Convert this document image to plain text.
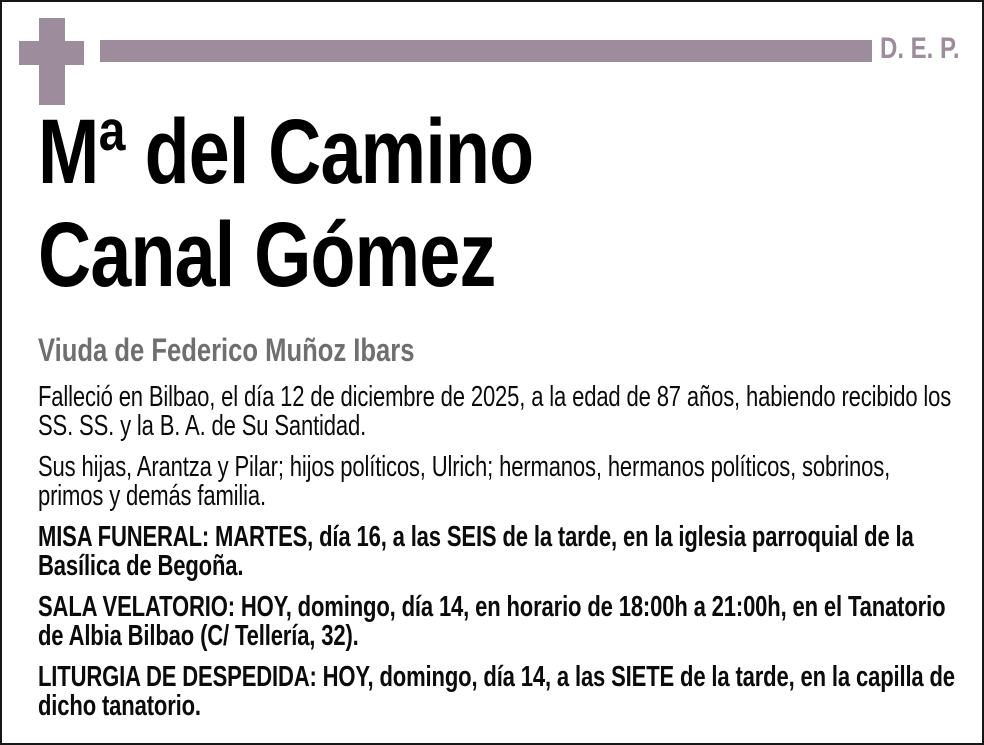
D. E. P.
Mª del Camino
Canal Gómez
Viuda de Federico Muñoz Ibars

Falleció en Bilbao, el día 12 de diciembre de 2025, a la edad de 87 años, habiendo recibido los SS. SS. y la B. A. de Su Santidad.

Sus hijas, Arantza y Pilar; hijos políticos, Ulrich; hermanos, hermanos políticos, sobrinos, primos y demás familia.

MISA FUNERAL: MARTES, día 16, a las SEIS de la tarde, en la iglesia parroquial de la Basílica de Begoña.

SALA VELATORIO: HOY, domingo, día 14, en horario de 18:00h a 21:00h, en el Tanatorio de Albia Bilbao (C/ Tellería, 32).

LITURGIA DE DESPEDIDA: HOY, domingo, día 14, a las SIETE de la tarde, en la capilla de dicho tanatorio.
